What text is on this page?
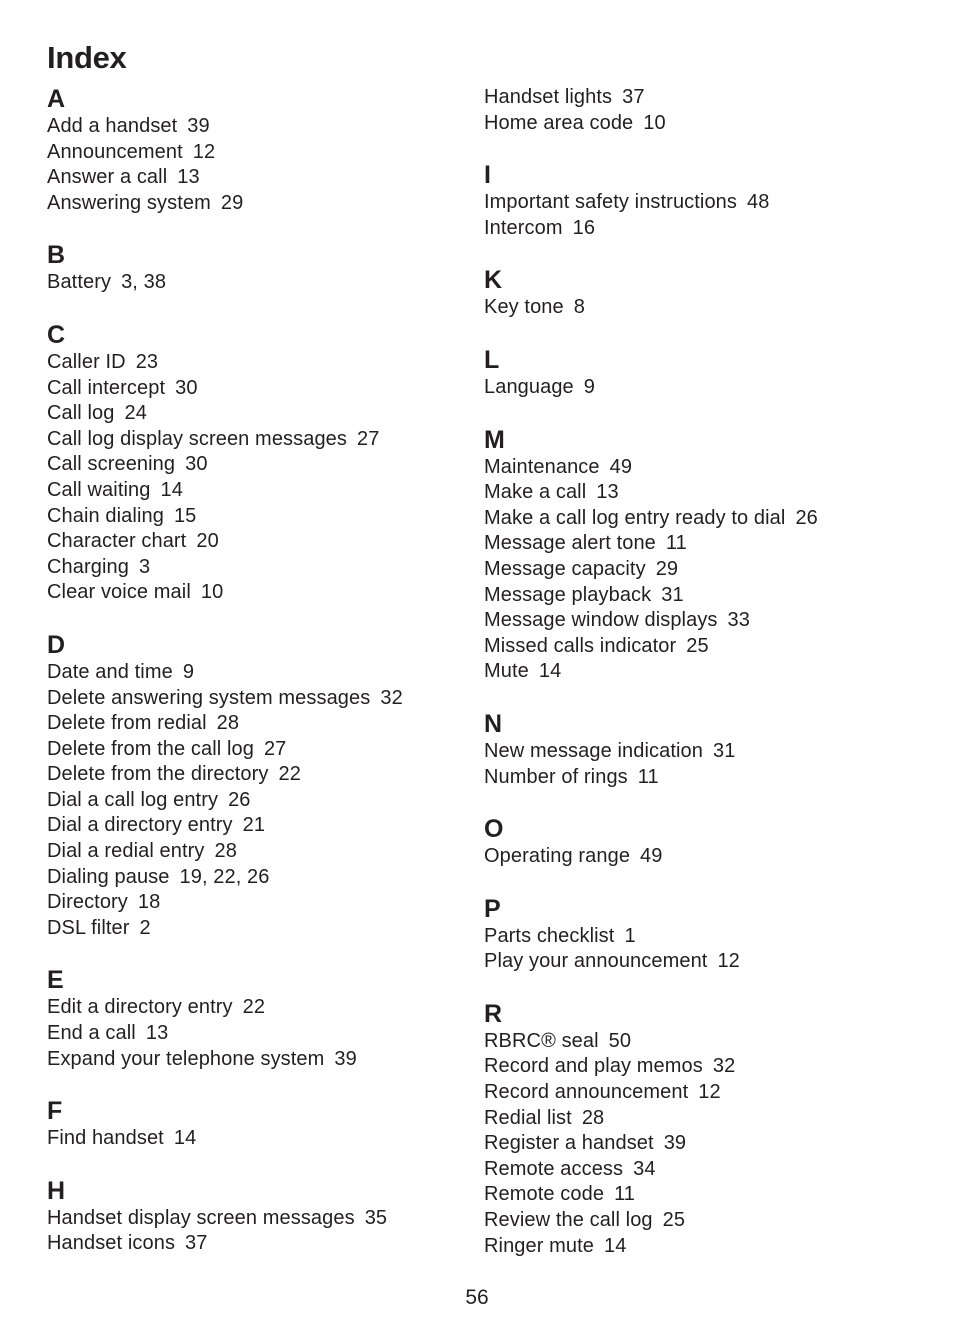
Index
A
Add a handset 39
Announcement 12
Answer a call 13
Answering system 29
B
Battery 3, 38
C
Caller ID 23
Call intercept 30
Call log 24
Call log display screen messages 27
Call screening 30
Call waiting 14
Chain dialing 15
Character chart 20
Charging 3
Clear voice mail 10
D
Date and time 9
Delete answering system messages 32
Delete from redial 28
Delete from the call log 27
Delete from the directory 22
Dial a call log entry 26
Dial a directory entry 21
Dial a redial entry 28
Dialing pause 19, 22, 26
Directory 18
DSL filter 2
E
Edit a directory entry 22
End a call 13
Expand your telephone system 39
F
Find handset 14
H
Handset display screen messages 35
Handset icons 37
Handset lights 37
Home area code 10
I
Important safety instructions 48
Intercom 16
K
Key tone 8
L
Language 9
M
Maintenance 49
Make a call 13
Make a call log entry ready to dial 26
Message alert tone 11
Message capacity 29
Message playback 31
Message window displays 33
Missed calls indicator 25
Mute 14
N
New message indication 31
Number of rings 11
O
Operating range 49
P
Parts checklist 1
Play your announcement 12
R
RBRC® seal 50
Record and play memos 32
Record announcement 12
Redial list 28
Register a handset 39
Remote access 34
Remote code 11
Review the call log 25
Ringer mute 14
56
